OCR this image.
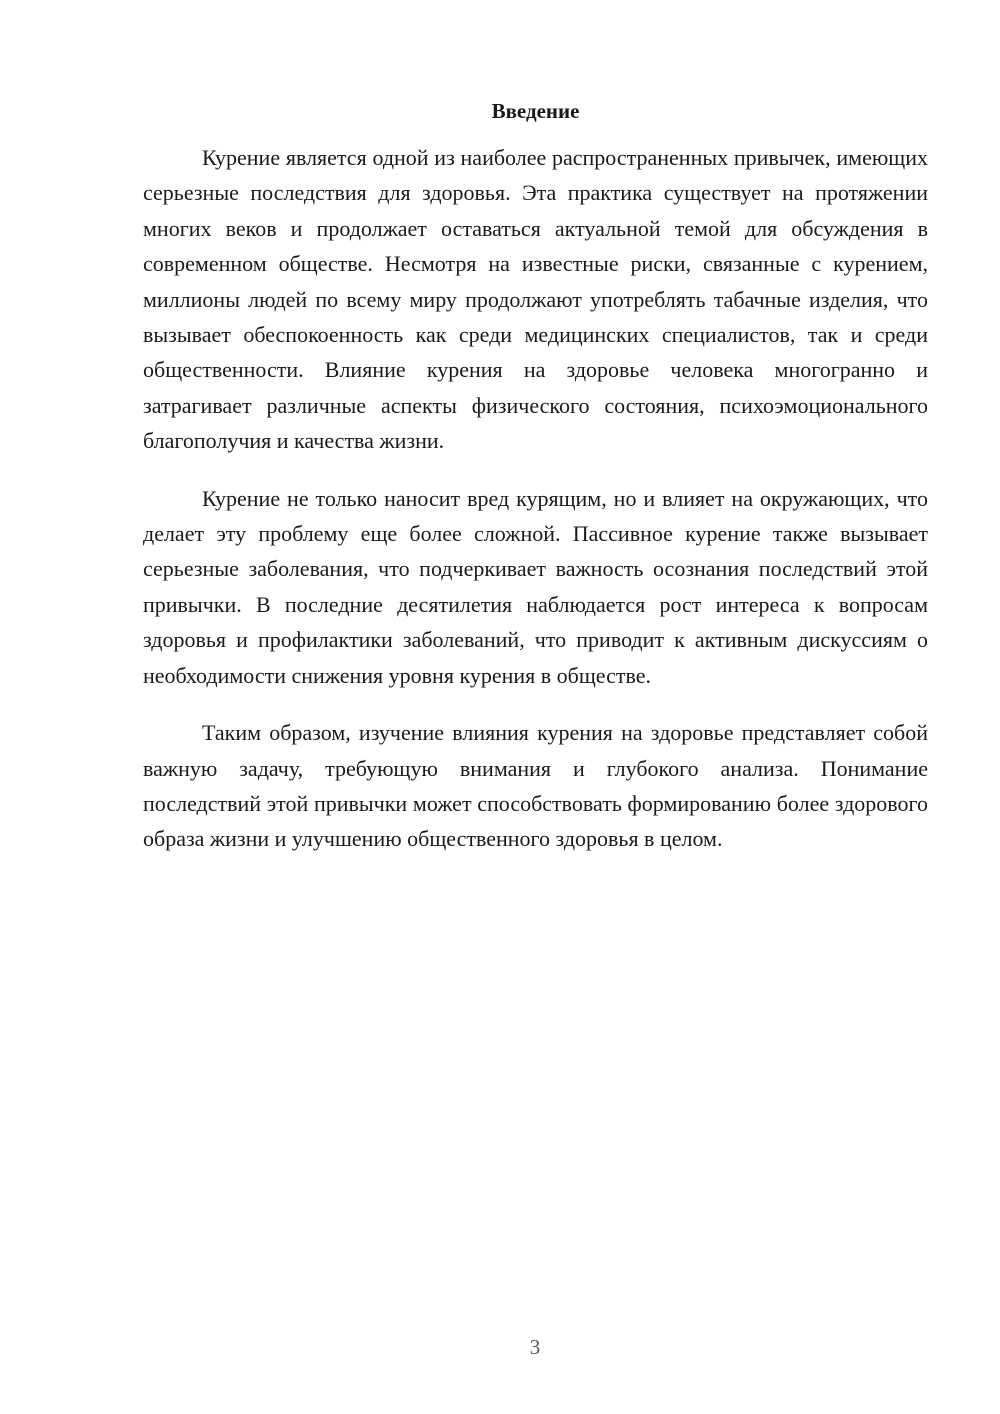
Введение

Курение является одной из наиболее распространенных привычек, имеющих серьезные последствия для здоровья. Эта практика существует на протяжении многих веков и продолжает оставаться актуальной темой для обсуждения в современном обществе. Несмотря на известные риски, связанные с курением, миллионы людей по всему миру продолжают употреблять табачные изделия, что вызывает обеспокоенность как среди медицинских специалистов, так и среди общественности. Влияние курения на здоровье человека многогранно и затрагивает различные аспекты физического состояния, психоэмоционального благополучия и качества жизни.

Курение не только наносит вред курящим, но и влияет на окружающих, что делает эту проблему еще более сложной. Пассивное курение также вызывает серьезные заболевания, что подчеркивает важность осознания последствий этой привычки. В последние десятилетия наблюдается рост интереса к вопросам здоровья и профилактики заболеваний, что приводит к активным дискуссиям о необходимости снижения уровня курения в обществе.

Таким образом, изучение влияния курения на здоровье представляет собой важную задачу, требующую внимания и глубокого анализа. Понимание последствий этой привычки может способствовать формированию более здорового образа жизни и улучшению общественного здоровья в целом.

3
